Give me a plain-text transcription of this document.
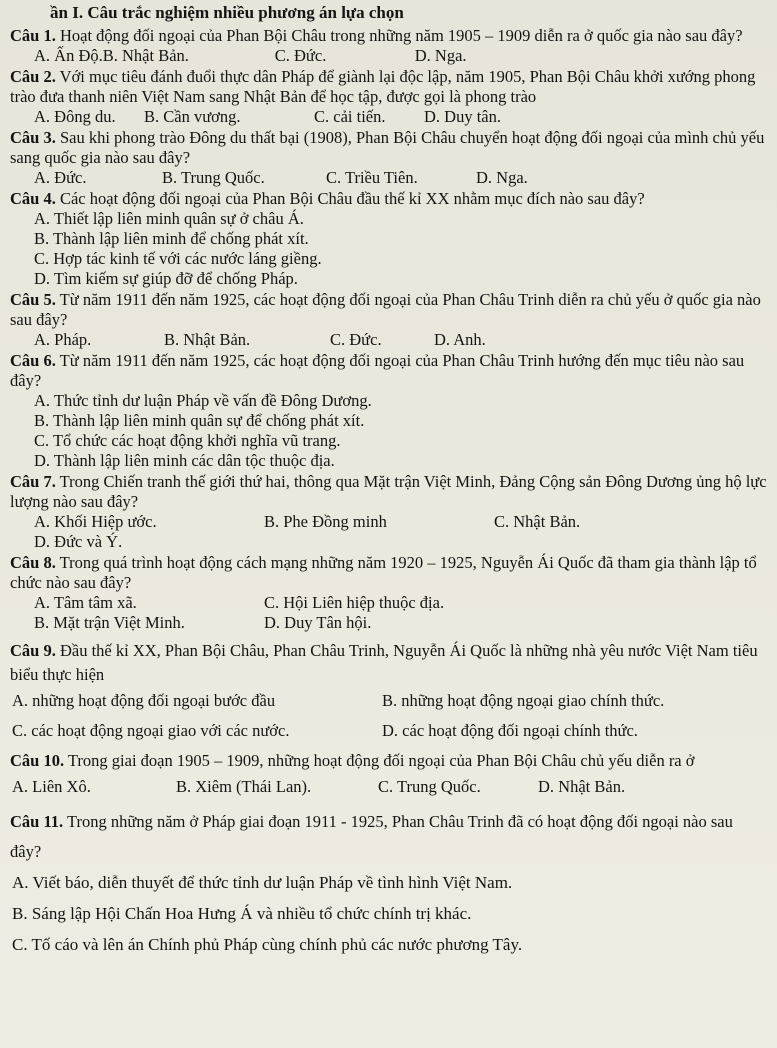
ần I. Câu trắc nghiệm nhiều phương án lựa chọn
Câu 1. Hoạt động đối ngoại của Phan Bội Châu trong những năm 1905 – 1909 diễn ra ở quốc gia nào sau đây?
A. Ấn Độ. B. Nhật Bản.	C. Đức.	D. Nga.
Câu 2. Với mục tiêu đánh đuổi thực dân Pháp để giành lại độc lập, năm 1905, Phan Bội Châu khởi xướng phong trào đưa thanh niên Việt Nam sang Nhật Bản để học tập, được gọi là phong trào
A. Đông du.	B. Cần vương.	C. cải tiến.	D. Duy tân.
Câu 3. Sau khi phong trào Đông du thất bại (1908), Phan Bội Châu chuyển hoạt động đối ngoại của mình chủ yếu sang quốc gia nào sau đây?
A. Đức.	B. Trung Quốc.	C. Triều Tiên.	D. Nga.
Câu 4. Các hoạt động đối ngoại của Phan Bội Châu đầu thế kỉ XX nhằm mục đích nào sau đây?
A. Thiết lập liên minh quân sự ở châu Á.
B. Thành lập liên minh để chống phát xít.
C. Hợp tác kinh tế với các nước láng giềng.
D. Tìm kiếm sự giúp đỡ để chống Pháp.
Câu 5. Từ năm 1911 đến năm 1925, các hoạt động đối ngoại của Phan Châu Trinh diễn ra chủ yếu ở quốc gia nào sau đây?
A. Pháp.	B. Nhật Bản.	C. Đức.	D. Anh.
Câu 6. Từ năm 1911 đến năm 1925, các hoạt động đối ngoại của Phan Châu Trinh hướng đến mục tiêu nào sau đây?
A. Thức tỉnh dư luận Pháp về vấn đề Đông Dương.
B. Thành lập liên minh quân sự để chống phát xít.
C. Tổ chức các hoạt động khởi nghĩa vũ trang.
D. Thành lập liên minh các dân tộc thuộc địa.
Câu 7. Trong Chiến tranh thế giới thứ hai, thông qua Mặt trận Việt Minh, Đảng Cộng sản Đông Dương ủng hộ lực lượng nào sau đây?
A. Khối Hiệp ước.	B. Phe Đồng minh	C. Nhật Bản.
D. Đức và Ý.
Câu 8. Trong quá trình hoạt động cách mạng những năm 1920 – 1925, Nguyễn Ái Quốc đã tham gia thành lập tổ chức nào sau đây?
A. Tâm tâm xã.	C. Hội Liên hiệp thuộc địa.
B. Mặt trận Việt Minh.	D. Duy Tân hội.
Câu 9. Đầu thế kỉ XX, Phan Bội Châu, Phan Châu Trinh, Nguyễn Ái Quốc là những nhà yêu nước Việt Nam tiêu biểu thực hiện
A. những hoạt động đối ngoại bước đầu	B. những hoạt động ngoại giao chính thức.
C. các hoạt động ngoại giao với các nước.	D. các hoạt động đối ngoại chính thức.
Câu 10. Trong giai đoạn 1905 – 1909, những hoạt động đối ngoại của Phan Bội Châu chủ yếu diễn ra ở
A. Liên Xô.	B. Xiêm (Thái Lan).	C. Trung Quốc.	D. Nhật Bản.
Câu 11. Trong những năm ở Pháp giai đoạn 1911 - 1925, Phan Châu Trinh đã có hoạt động đối ngoại nào sau đây?
A. Viết báo, diễn thuyết để thức tỉnh dư luận Pháp về tình hình Việt Nam.
B. Sáng lập Hội Chấn Hoa Hưng Á và nhiều tổ chức chính trị khác.
C. Tố cáo và lên án Chính phủ Pháp cùng chính phủ các nước phương Tây.
